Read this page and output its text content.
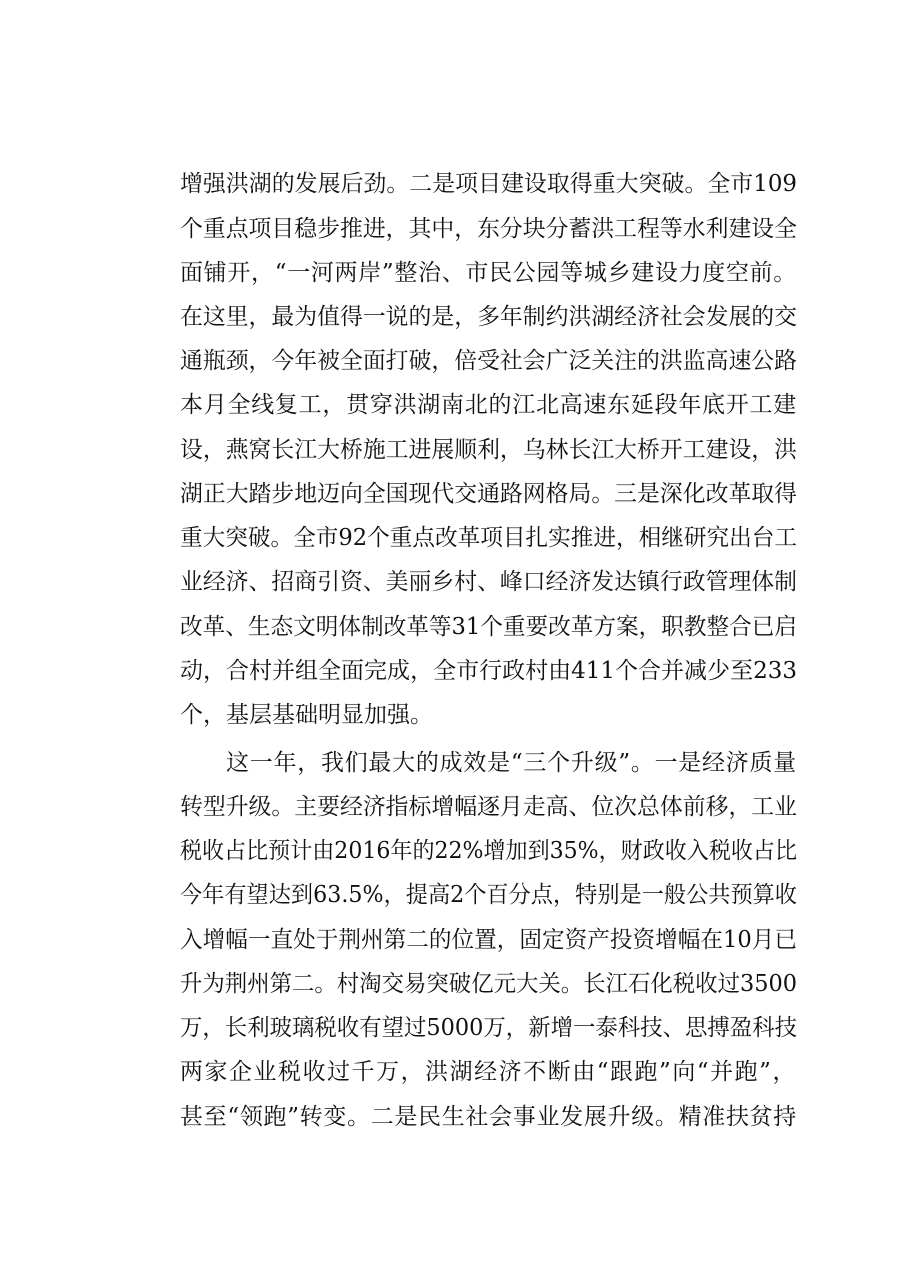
增强洪湖的发展后劲。二是项目建设取得重大突破。全市109
个重点项目稳步推进，其中，东分块分蓄洪工程等水利建设全
面铺开，“一河两岸”整治、市民公园等城乡建设力度空前。
在这里，最为值得一说的是，多年制约洪湖经济社会发展的交
通瓶颈，今年被全面打破，倍受社会广泛关注的洪监高速公路
本月全线复工，贯穿洪湖南北的江北高速东延段年底开工建
设，燕窝长江大桥施工进展顺利，乌林长江大桥开工建设，洪
湖正大踏步地迈向全国现代交通路网格局。三是深化改革取得
重大突破。全市92个重点改革项目扎实推进，相继研究出台工
业经济、招商引资、美丽乡村、峰口经济发达镇行政管理体制
改革、生态文明体制改革等31个重要改革方案，职教整合已启
动，合村并组全面完成，全市行政村由411个合并减少至233
个，基层基础明显加强。
这一年，我们最大的成效是“三个升级”。一是经济质量
转型升级。主要经济指标增幅逐月走高、位次总体前移，工业
税收占比预计由2016年的22%增加到35%，财政收入税收占比
今年有望达到63.5%，提高2个百分点，特别是一般公共预算收
入增幅一直处于荆州第二的位置，固定资产投资增幅在10月已
升为荆州第二。村淘交易突破亿元大关。长江石化税收过3500
万，长利玻璃税收有望过5000万，新增一泰科技、思搏盈科技
两家企业税收过千万，洪湖经济不断由“跟跑”向“并跑”，
甚至“领跑”转变。二是民生社会事业发展升级。精准扶贫持
